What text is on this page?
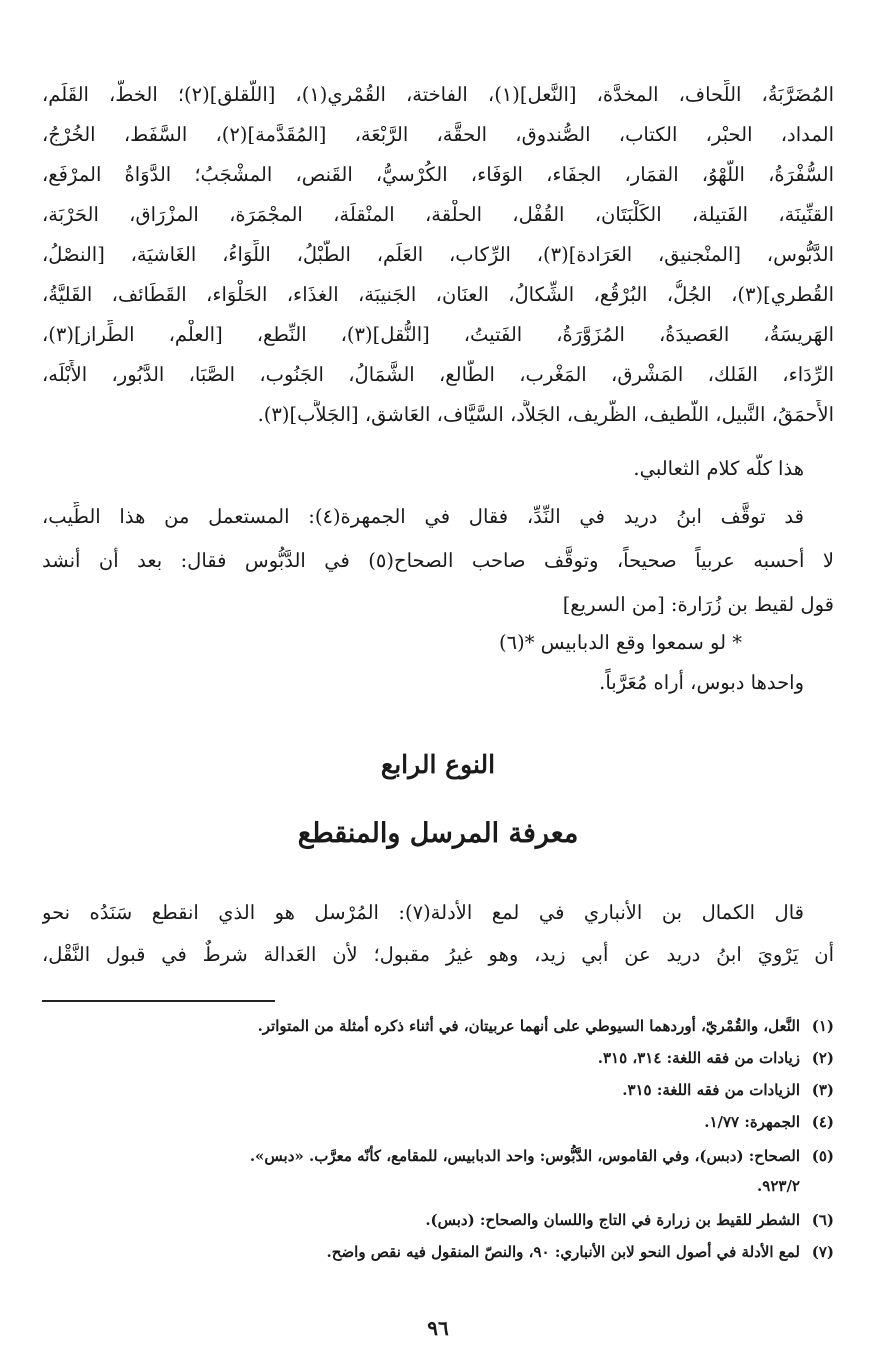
المُضَرَّبَةُ، اللِّحاف، المخدَّة، [النَّعل](١)، الفاختة، القُمْري(١)، [اللَّقلق](٢)؛ الخطُّ، القَلَم،
المداد، الحبْر، الكتاب، الصُّندوق، الحقَّة، الرَّبْعَة، [المُقَدَّمة](٢)، السَّفَط، الخُرْجُ،
السُّفْرَةُ، اللَّهْوُ، القمَار، الجفَاء، الوَفَاء، الكُرْسيُّ، القَنص، المشْجَبُ؛ الدَّوَاةُ المرْفَع،
القنِّينَة، الفَتيلة، الكَلْبَتَان، القُفْل، الحلْقة، المنْقلَة، المجْمَرَة، المزْرَاق، الحَرْبَة،
الدَّبُّوس، [المنْجنيق، العَرَادة](٣)، الرِّكاب، العَلَم، الطَّبْلُ، اللِّوَاءُ، الغَاشيَة، [النصْلُ،
القُطري](٣)، الجُلُّ، البُرْقُع، الشِّكالُ، العنَان، الجَنيبَة، الغذَاء، الحَلْوَاء، القَطَائف، القَليَّةُ،
الهَريسَةُ، العَصيدَةُ، المُزَوَّرَةُ، الفَتيتُ، [النُّقل](٣)، النِّطع، [العلْم، الطِّراز](٣)،
الرِّدَاء، الفَلك، المَشْرق، المَغْرب، الطَّالع، الشَّمَالُ، الجَنُوب، الصَّبَا، الدَّبُور، الأَبْلَه،
الأَحمَقُ، النَّبيل، اللَّطيف، الظَّريف، الجَلاَّد، السَّيَّاف، العَاشق، [الجَلاَّب](٣).
هذا كلُّه كلام الثعالبي.
قد توقَّف ابنُ دريد في النِّدِّ، فقال في الجمهرة(٤): المستعمل من هذا الطِّيب،
لا أحسبه عربياً صحيحاً، وتوقَّف صاحب الصحاح(٥) في الدَّبُّوس فقال: بعد أن أنشد
قول لقيط بن زُرَارة: [من السريع]
* لو سمعوا وقع الدبابيس *(٦)
واحدها دبوس، أراه مُعَرَّباً.
النوع الرابع
معرفة المرسل والمنقطع
قال الكمال بن الأنباري في لمع الأدلة(٧): المُرْسل هو الذي انقطع سَنَدُه نحو
أن يَرْويَ ابنُ دريد عن أبي زيد، وهو غيرُ مقبول؛ لأن العَدالة شرطٌ في قبول النَّقْل،
(١)النَّعل، والقُمْريّ، أوردهما السيوطي على أنهما عربيتان، في أثناء ذكره أمثلة من المتواتر.
(٢)زيادات من فقه اللغة: ٣١٤، ٣١٥.
(٣)الزيادات من فقه اللغة: ٣١٥.
(٤)الجمهرة: ١/٧٧.
(٥)الصحاح: (دبس)، وفي القاموس، الدَّبُّوس: واحد الدبابيس، للمقامع، كأنّه معرَّب. «دبس».
٩٢٣/٢.
(٦)الشطر للقيط بن زرارة في التاج واللسان والصحاح: (دبس).
(٧)لمع الأدلة في أصول النحو لابن الأنباري: ٩٠، والنصّ المنقول فيه نقص واضح.
٩٦
